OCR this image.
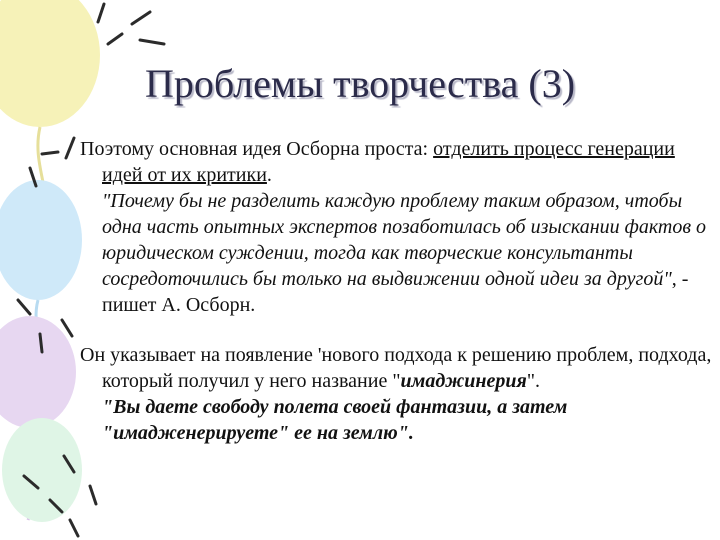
Проблемы творчества (3)

Поэтому основная идея Осборна проста: отделить процесс генерации идей от их критики.
"Почему бы не разделить каждую проблему таким образом, чтобы одна часть опытных экспертов позаботилась об изыскании фактов о юридическом суждении, тогда как творческие консультанты сосредоточились бы только на выдвижении одной идеи за другой", - пишет А. Осборн.

Он указывает на появление 'нового подхода к решению проблем, подхода, который получил у него название "имаджинерия".
"Вы даете свободу полета своей фантазии, а затем "имадженерируете" ее на землю".
